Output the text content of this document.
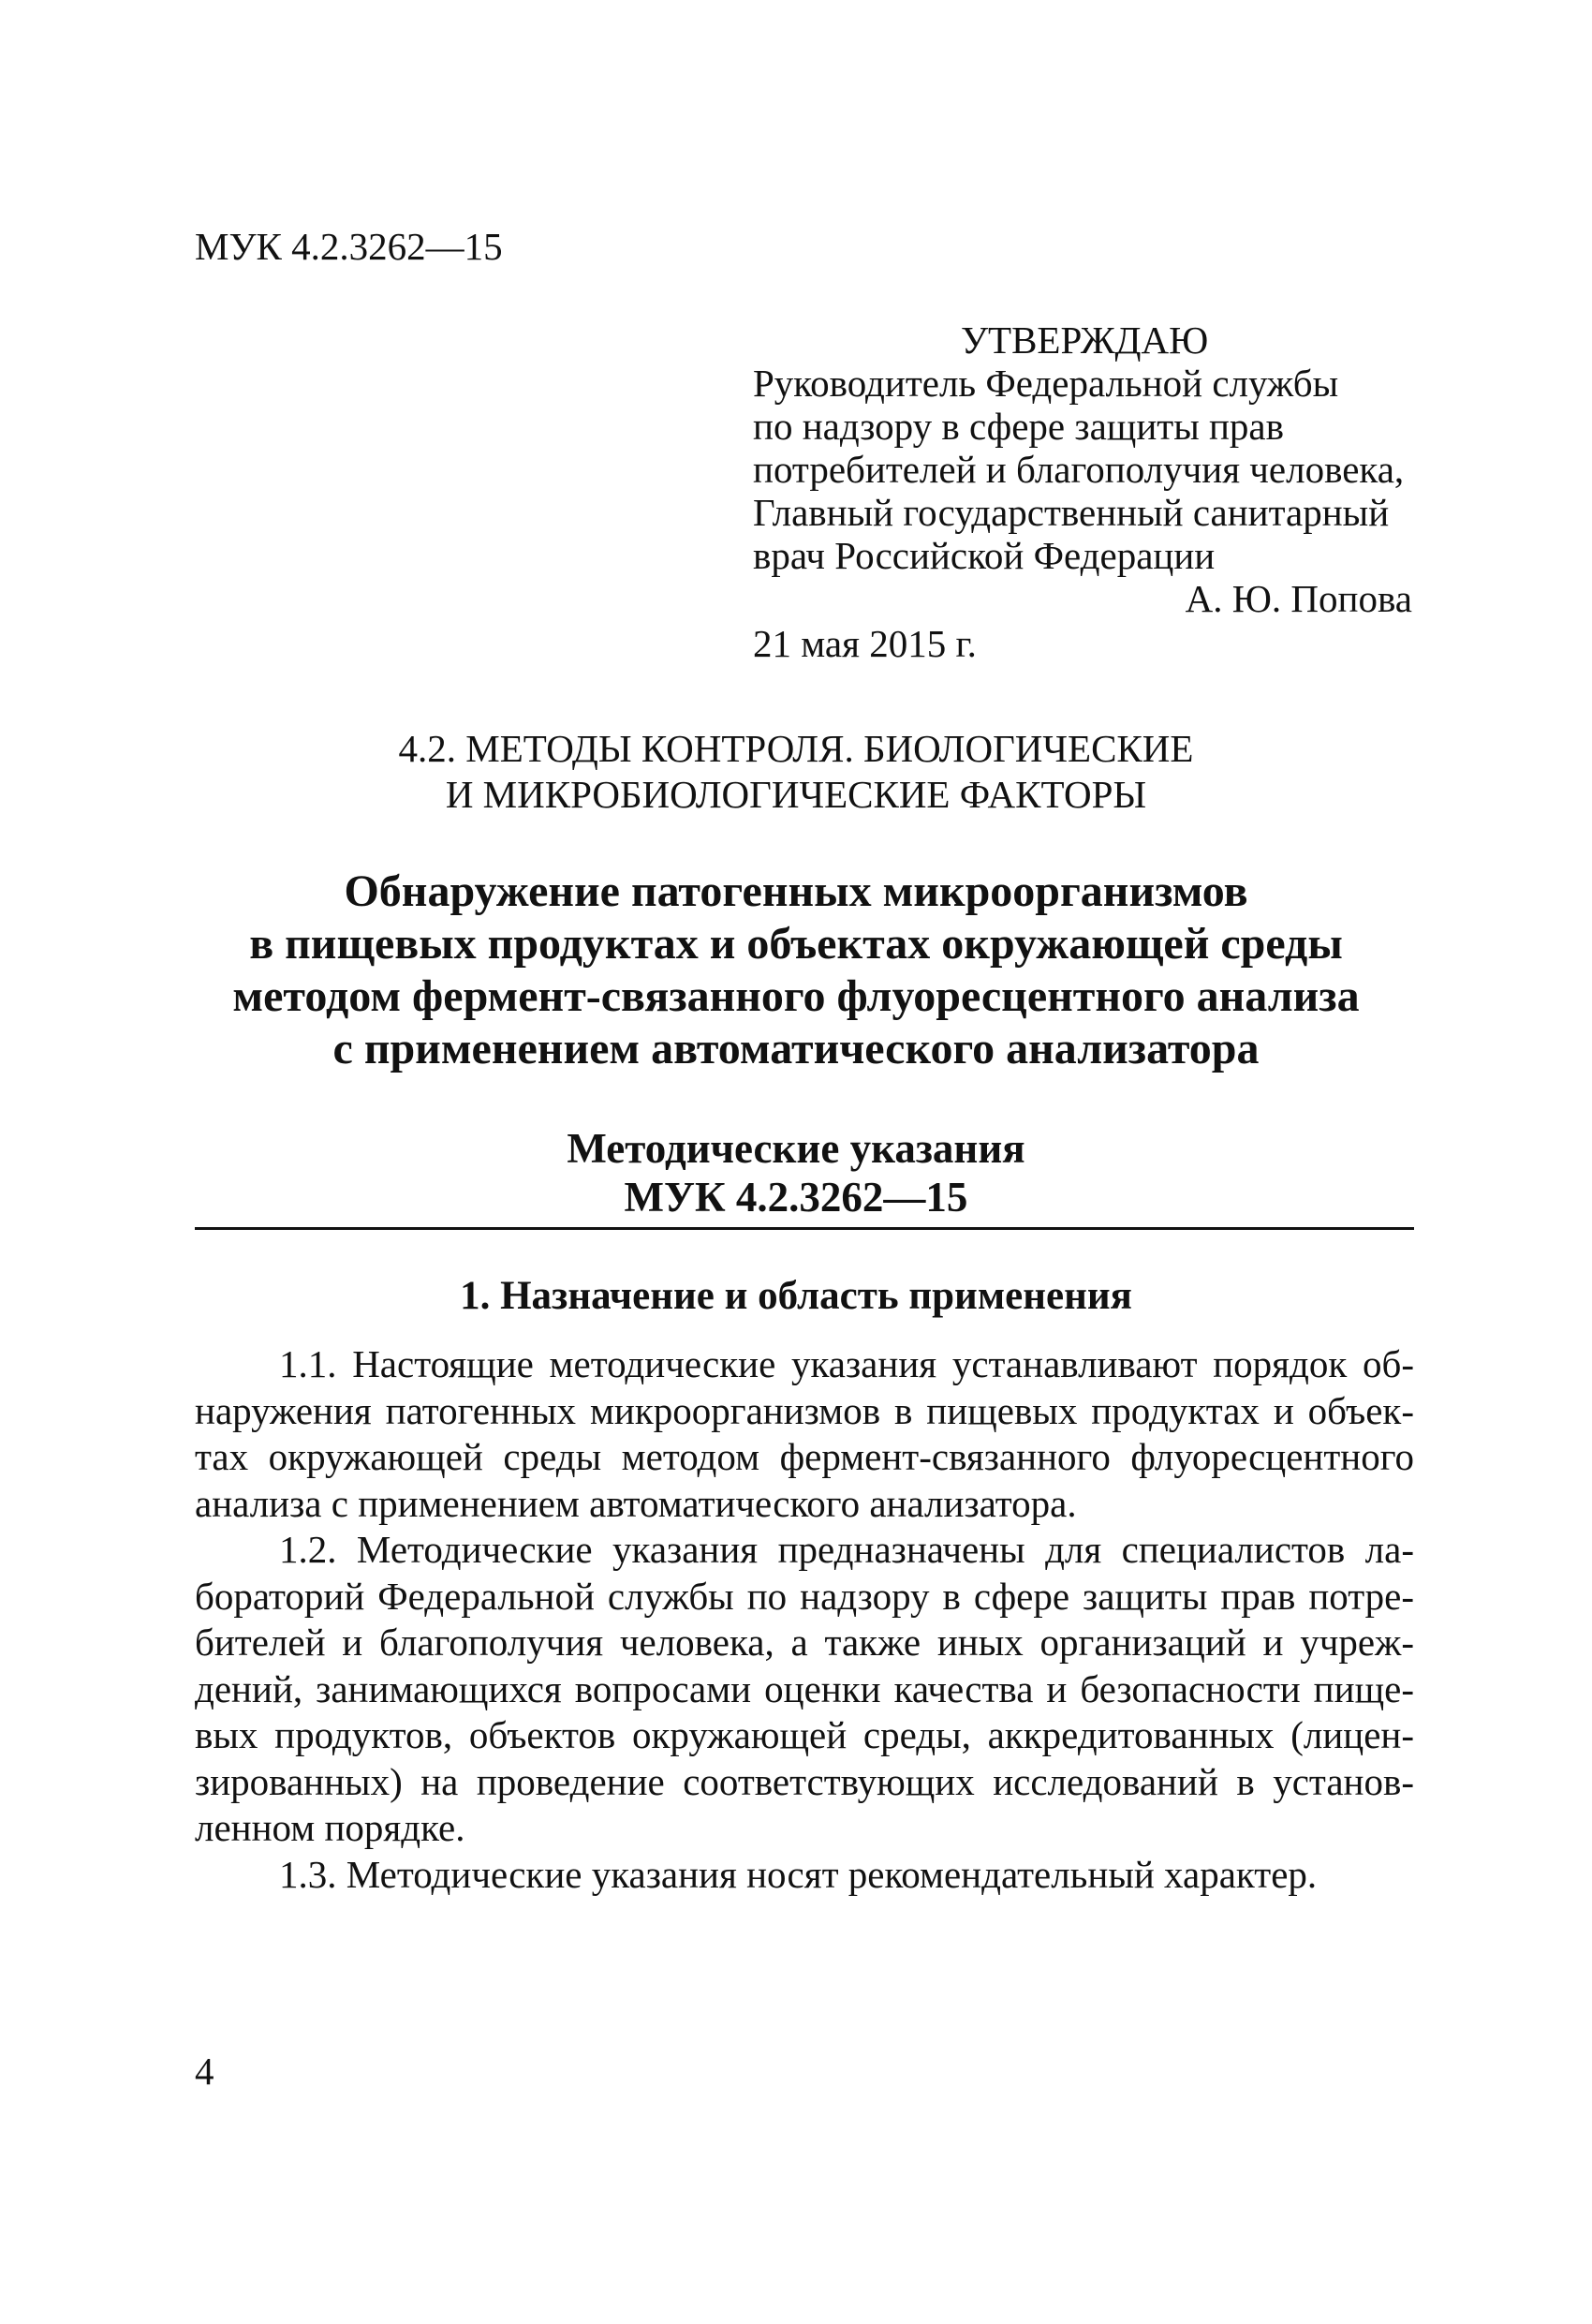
МУК 4.2.3262—15

УТВЕРЖДАЮ
Руководитель Федеральной службы
по надзору в сфере защиты прав
потребителей и благополучия человека,
Главный государственный санитарный
врач Российской Федерации
А. Ю. Попова
21 мая 2015 г.
4.2. МЕТОДЫ КОНТРОЛЯ. БИОЛОГИЧЕСКИЕ
И МИКРОБИОЛОГИЧЕСКИЕ ФАКТОРЫ
Обнаружение патогенных микроорганизмов
в пищевых продуктах и объектах окружающей среды
методом фермент-связанного флуоресцентного анализа
с применением автоматического анализатора
Методические указания
МУК 4.2.3262—15

1. Назначение и область применения

1.1. Настоящие методические указания устанавливают порядок об-
наружения патогенных микроорганизмов в пищевых продуктах и объек-
тах окружающей среды методом фермент-связанного флуоресцентного
анализа с применением автоматического анализатора.
1.2. Методические указания предназначены для специалистов ла-
бораторий Федеральной службы по надзору в сфере защиты прав потре-
бителей и благополучия человека, а также иных организаций и учреж-
дений, занимающихся вопросами оценки качества и безопасности пище-
вых продуктов, объектов окружающей среды, аккредитованных (лицен-
зированных) на проведение соответствующих исследований в установ-
ленном порядке.
1.3. Методические указания носят рекомендательный характер.

4
